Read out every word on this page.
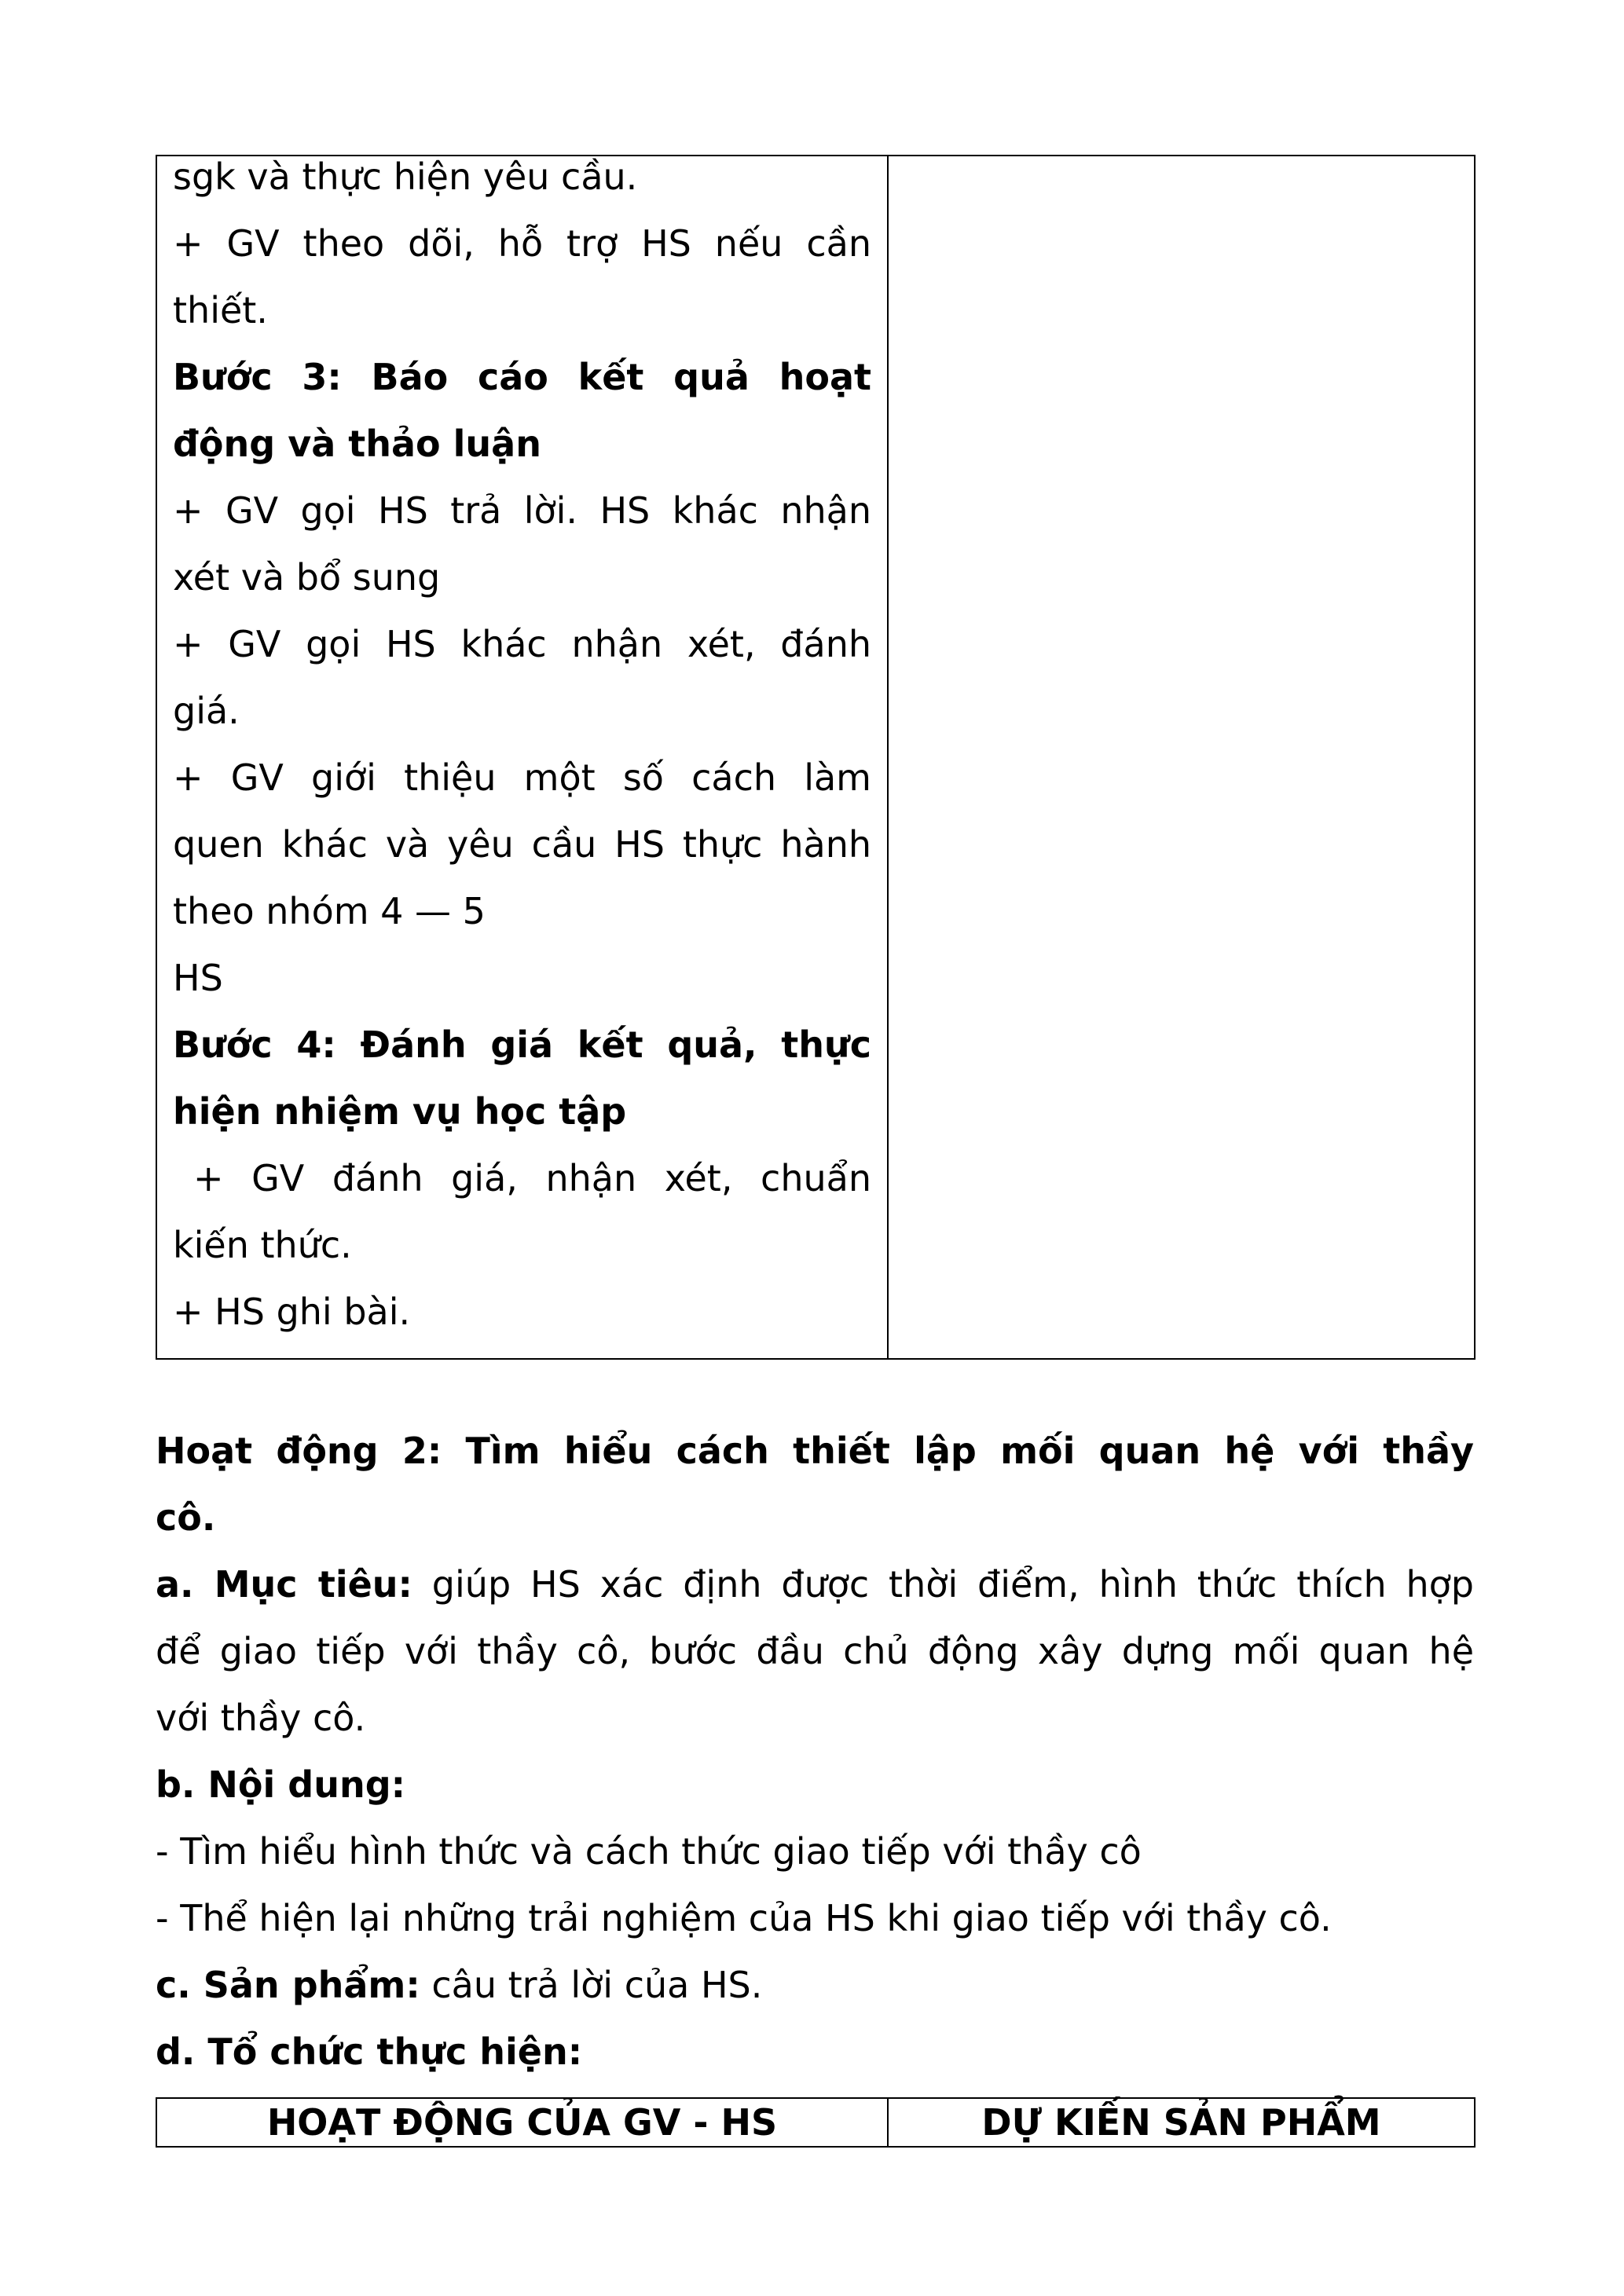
sgk và thực hiện yêu cầu.
+ GV theo dõi, hỗ trợ HS nếu cần
thiết.
Bước 3: Báo cáo kết quả hoạt
động và thảo luận
+ GV gọi HS trả lời. HS khác nhận
xét và bổ sung
+ GV gọi HS khác nhận xét, đánh
giá.
+ GV giới thiệu một số cách làm
quen khác và yêu cầu HS thực hành
theo nhóm 4 — 5
HS
Bước 4: Đánh giá kết quả, thực
hiện nhiệm vụ học tập
+ GV đánh giá, nhận xét, chuẩn
kiến thức.
+ HS ghi bài.

Hoạt động 2: Tìm hiểu cách thiết lập mối quan hệ với thầy
cô.
a. Mục tiêu: giúp HS xác định được thời điểm, hình thức thích hợp
để giao tiếp với thầy cô, bước đầu chủ động xây dựng mối quan hệ
với thầy cô.
b. Nội dung:
- Tìm hiểu hình thức và cách thức giao tiếp với thầy cô
- Thể hiện lại những trải nghiệm của HS khi giao tiếp với thầy cô.
c. Sản phẩm: câu trả lời của HS.
d. Tổ chức thực hiện:
HOẠT ĐỘNG CỦA GV - HS	DỰ KIẾN SẢN PHẨM
